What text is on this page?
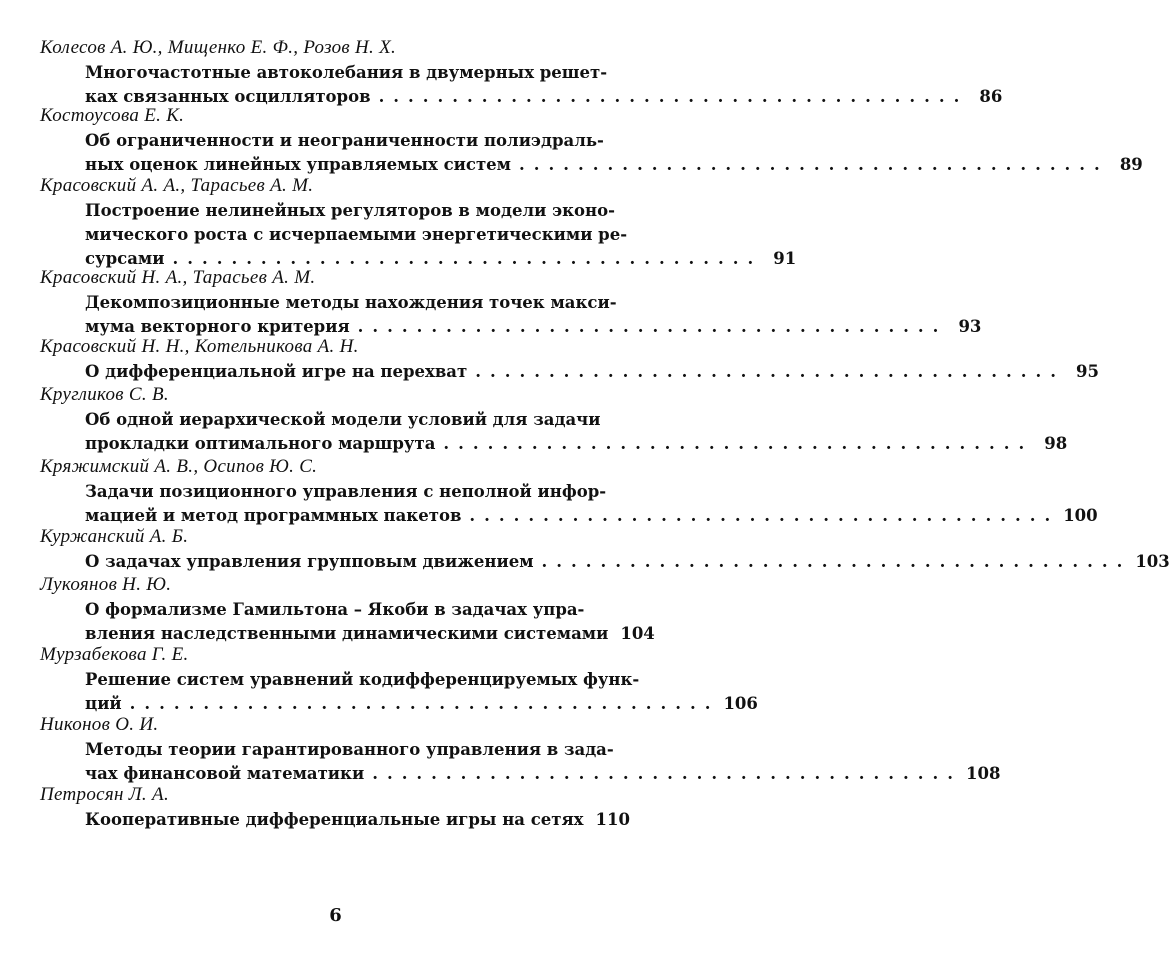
Колесов А. Ю., Мищенко Е. Ф., Розов Н. Х.
Многочастотные автоколебания в двумерных решет-
ках связанных осцилляторов ........................................ 86
Костоусова Е. К.
Об ограниченности и неограниченности полиэдраль-
ных оценок линейных управляемых систем ........................................ 89
Красовский А. А., Тарасьев А. М.
Построение нелинейных регуляторов в модели эконо-
мического роста с исчерпаемыми энергетическими ре-
сурсами ........................................ 91
Красовский Н. А., Тарасьев А. М.
Декомпозиционные методы нахождения точек макси-
мума векторного критерия ........................................ 93
Красовский Н. Н., Котельникова А. Н.
О дифференциальной игре на перехват ........................................ 95
Кругликов С. В.
Об одной иерархической модели условий для задачи
прокладки оптимального маршрута ........................................ 98
Кряжимский А. В., Осипов Ю. С.
Задачи позиционного управления с неполной инфор-
мацией и метод программных пакетов ........................................ 100
Куржанский А. Б.
О задачах управления групповым движением ........................................ 103
Лукоянов Н. Ю.
О формализме Гамильтона – Якоби в задачах упра-
вления наследственными динамическими системами 104
Мурзабекова Г. Е.
Решение систем уравнений кодифференцируемых функ-
ций ........................................ 106
Никонов О. И.
Методы теории гарантированного управления в зада-
чах финансовой математики ........................................ 108
Петросян Л. А.
Кооперативные дифференциальные игры на сетях 110
6
